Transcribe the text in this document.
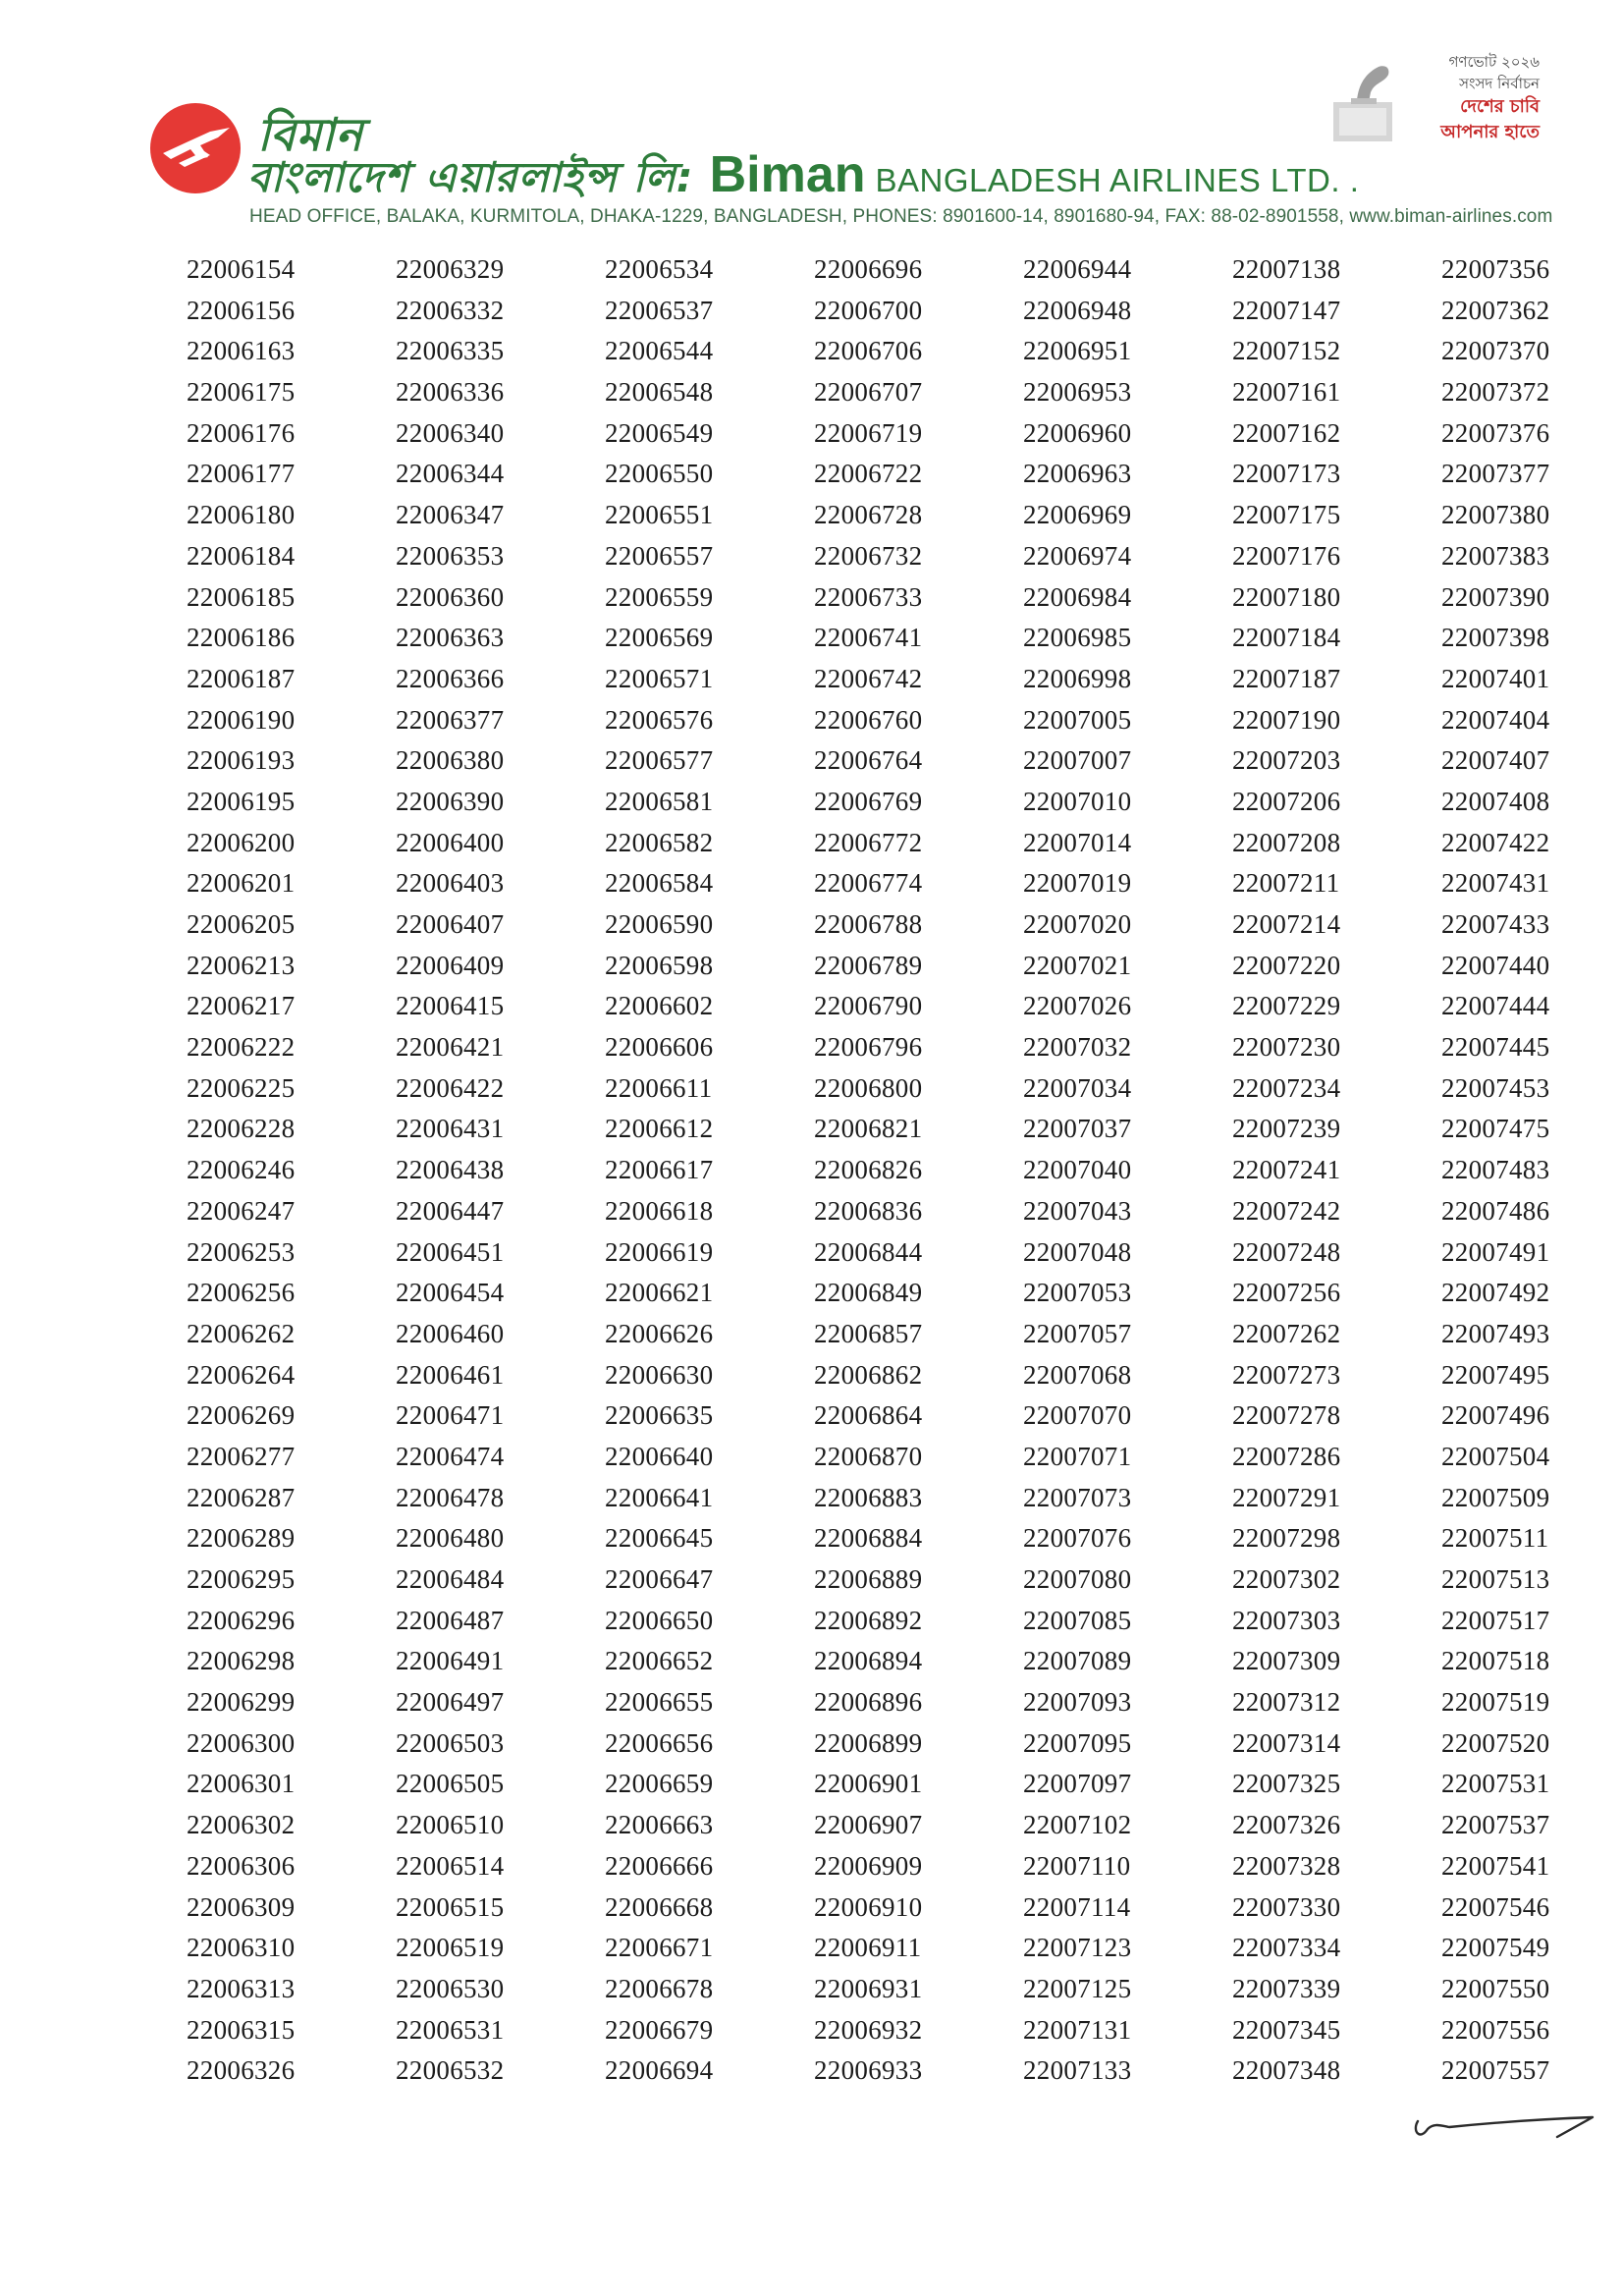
বিমান
বাংলাদেশ এয়ারলাইন্স লি: Biman BANGLADESH AIRLINES LTD. .
HEAD OFFICE, BALAKA, KURMITOLA, DHAKA-1229, BANGLADESH, PHONES: 8901600-14, 8901680-94, FAX: 88-02-8901558, www.biman-airlines.com
গণভোট ২০২৬
সংসদ নির্বাচন
দেশের চাবি
আপনার হাতে
22006154
22006156
22006163
22006175
22006176
22006177
22006180
22006184
22006185
22006186
22006187
22006190
22006193
22006195
22006200
22006201
22006205
22006213
22006217
22006222
22006225
22006228
22006246
22006247
22006253
22006256
22006262
22006264
22006269
22006277
22006287
22006289
22006295
22006296
22006298
22006299
22006300
22006301
22006302
22006306
22006309
22006310
22006313
22006315
22006326
22006329
22006332
22006335
22006336
22006340
22006344
22006347
22006353
22006360
22006363
22006366
22006377
22006380
22006390
22006400
22006403
22006407
22006409
22006415
22006421
22006422
22006431
22006438
22006447
22006451
22006454
22006460
22006461
22006471
22006474
22006478
22006480
22006484
22006487
22006491
22006497
22006503
22006505
22006510
22006514
22006515
22006519
22006530
22006531
22006532
22006534
22006537
22006544
22006548
22006549
22006550
22006551
22006557
22006559
22006569
22006571
22006576
22006577
22006581
22006582
22006584
22006590
22006598
22006602
22006606
22006611
22006612
22006617
22006618
22006619
22006621
22006626
22006630
22006635
22006640
22006641
22006645
22006647
22006650
22006652
22006655
22006656
22006659
22006663
22006666
22006668
22006671
22006678
22006679
22006694
22006696
22006700
22006706
22006707
22006719
22006722
22006728
22006732
22006733
22006741
22006742
22006760
22006764
22006769
22006772
22006774
22006788
22006789
22006790
22006796
22006800
22006821
22006826
22006836
22006844
22006849
22006857
22006862
22006864
22006870
22006883
22006884
22006889
22006892
22006894
22006896
22006899
22006901
22006907
22006909
22006910
22006911
22006931
22006932
22006933
22006944
22006948
22006951
22006953
22006960
22006963
22006969
22006974
22006984
22006985
22006998
22007005
22007007
22007010
22007014
22007019
22007020
22007021
22007026
22007032
22007034
22007037
22007040
22007043
22007048
22007053
22007057
22007068
22007070
22007071
22007073
22007076
22007080
22007085
22007089
22007093
22007095
22007097
22007102
22007110
22007114
22007123
22007125
22007131
22007133
22007138
22007147
22007152
22007161
22007162
22007173
22007175
22007176
22007180
22007184
22007187
22007190
22007203
22007206
22007208
22007211
22007214
22007220
22007229
22007230
22007234
22007239
22007241
22007242
22007248
22007256
22007262
22007273
22007278
22007286
22007291
22007298
22007302
22007303
22007309
22007312
22007314
22007325
22007326
22007328
22007330
22007334
22007339
22007345
22007348
22007356
22007362
22007370
22007372
22007376
22007377
22007380
22007383
22007390
22007398
22007401
22007404
22007407
22007408
22007422
22007431
22007433
22007440
22007444
22007445
22007453
22007475
22007483
22007486
22007491
22007492
22007493
22007495
22007496
22007504
22007509
22007511
22007513
22007517
22007518
22007519
22007520
22007531
22007537
22007541
22007546
22007549
22007550
22007556
22007557
